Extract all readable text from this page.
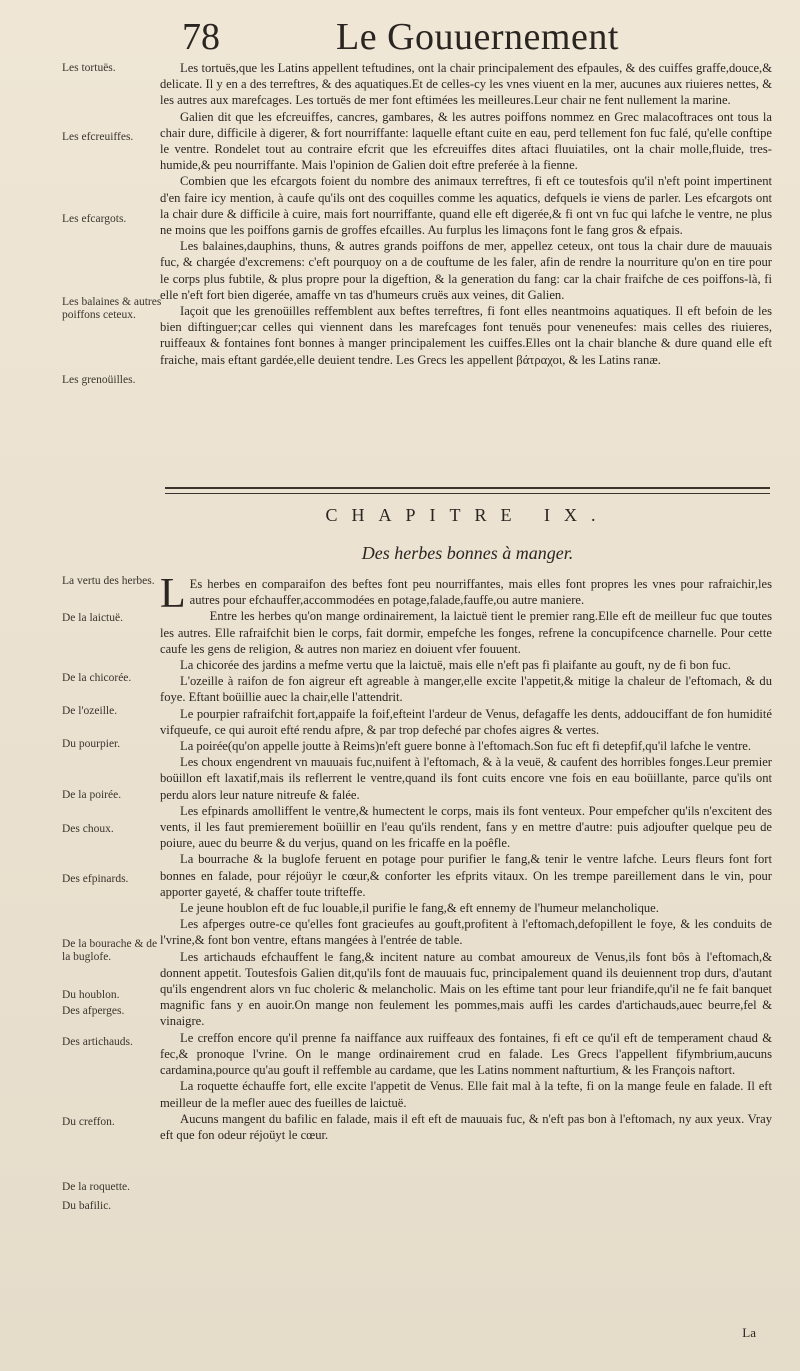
78	Le Gouuernement
Les tortuës.
Les efcreuiffes.
Les efcargots.
Les balaines & autres poiffons ceteux.
Les grenoüilles.
La vertu des herbes.
De la laictuë.
De la chicorée.
De l'ozeille.
Du pourpier.
De la poirée.
Des choux.
Des efpinards.
De la bourache & de la buglofe.
Du houblon.
Des afperges.
Des artichauds.
Du creffon.
De la roquette.
Du bafilic.

Les tortuës,que les Latins appellent teftudines, ont la chair principalement des efpaules, & des cuiffes graffe,douce,& delicate. Il y en a des terreftres, & des aquatiques.Et de celles-cy les vnes viuent en la mer, aucunes aux riuieres nettes, & les autres aux marefcages. Les tortuës de mer font eftimées les meilleures.Leur chair ne fent nullement la marine.

Galien dit que les efcreuiffes, cancres, gambares, & les autres poiffons nommez en Grec malacoftraces ont tous la chair dure, difficile à digerer, & fort nourriffante: laquelle eftant cuite en eau, perd tellement fon fuc falé, qu'elle conftipe le ventre. Rondelet tout au contraire efcrit que les efcreuiffes dites aftaci fluuiatiles, ont la chair molle,fluide, tres-humide,& peu nourriffante. Mais l'opinion de Galien doit eftre preferée à la fienne.

Combien que les efcargots foient du nombre des animaux terreftres, fi eft ce toutesfois qu'il n'eft point impertinent d'en faire icy mention, à caufe qu'ils ont des coquilles comme les aquatics, defquels ie viens de parler. Les efcargots ont la chair dure & difficile à cuire, mais fort nourriffante, quand elle eft digerée,& fi ont vn fuc qui lafche le ventre, ne plus ne moins que les poiffons garnis de groffes efcailles. Au furplus les limaçons font le fang gros & efpais.

Les balaines,dauphins, thuns, & autres grands poiffons de mer, appellez ceteux, ont tous la chair dure de mauuais fuc, & chargée d'excremens: c'eft pourquoy on a de couftume de les faler, afin de rendre la nourriture qu'on en tire pour le corps plus fubtile, & plus propre pour la digeftion, & la generation du fang: car la chair fraifche de ces poiffons-là, fi elle n'eft fort bien digerée, amaffe vn tas d'humeurs cruës aux veines, dit Galien.

Iaçoit que les grenoüilles reffemblent aux beftes terreftres, fi font elles neantmoins aquatiques. Il eft befoin de les bien diftinguer;car celles qui viennent dans les marefcages font tenuës pour veneneufes: mais celles des riuieres, ruiffeaux & fontaines font bonnes à manger principalement les cuiffes.Elles ont la chair blanche & dure quand elle eft fraiche, mais eftant gardée,elle deuient tendre. Les Grecs les appellent βάτραχοι, & les Latins ranæ.

CHAPITRE IX.
Des herbes bonnes à manger.

L Es herbes en comparaifon des beftes font peu nourriffantes, mais elles font propres les vnes pour rafraichir,les autres pour efchauffer,accommodées en potage,falade,fauffe,ou autre maniere.

Entre les herbes qu'on mange ordinairement, la laictuë tient le premier rang.Elle eft de meilleur fuc que toutes les autres. Elle rafraifchit bien le corps, fait dormir, empefche les fonges, refrene la concupifcence charnelle. Pour cette caufe les gens de religion, & autres non mariez en doiuent vfer fouuent.

La chicorée des jardins a mefme vertu que la laictuë, mais elle n'eft pas fi plaifante au gouft, ny de fi bon fuc.

L'ozeille à raifon de fon aigreur eft agreable à manger,elle excite l'appetit,& mitige la chaleur de l'eftomach, & du foye. Eftant boüillie auec la chair,elle l'attendrit.

Le pourpier rafraifchit fort,appaife la foif,efteint l'ardeur de Venus, defagaffe les dents, addouciffant de fon humidité vifqueufe, ce qui auroit efté rendu afpre, & par trop defeché par chofes aigres & vertes.

La poirée(qu'on appelle joutte à Reims)n'eft guere bonne à l'eftomach.Son fuc eft fi detерfif,qu'il lafche le ventre.

Les choux engendrent vn mauuais fuc,nuifent à l'eftomach, & à la veuë, & caufent des horribles fonges.Leur premier boüillon eft laxatif,mais ils reflerrent le ventre,quand ils font cuits encore vne fois en eau boüillante, parce qu'ils ont perdu alors leur nature nitreufe & falée.

Les efpinards amolliffent le ventre,& humectent le corps, mais ils font venteux. Pour empefcher qu'ils n'excitent des vents, il les faut premierement boüillir en l'eau qu'ils rendent, fans y en mettre d'autre: puis adjoufter quelque peu de poiure, auec du beurre & du verjus, quand on les fricaffe en la poêfle.

La bourrache & la buglofe feruent en potage pour purifier le fang,& tenir le ventre lafche. Leurs fleurs font fort bonnes en falade, pour réjoüyr le cœur,& conforter les efprits vitaux. On les trempe pareillement dans le vin, pour apporter gayeté, & chaffer toute trifteffe.

Le jeune houblon eft de fuc louable,il purifie le fang,& eft ennemy de l'humeur melancholique.

Les afperges outre-ce qu'elles font gracieufes au gouft,profitent à l'eftomach,defopillent le foye, & les conduits de l'vrine,& font bon ventre, eftans mangées à l'entrée de table.

Les artichauds efchauffent le fang,& incitent nature au combat amoureux de Venus,ils font bôs à l'eftomach,& donnent appetit. Toutesfois Galien dit,qu'ils font de mauuais fuc, principalement quand ils deuiennent trop durs, d'autant qu'ils engendrent alors vn fuc choleric & melancholic. Mais on les eftime tant pour leur friandife,qu'il ne fe fait banquet magnific fans y en auoir.On mange non feulement les pommes,mais auffi les cardes d'artichauds,auec beurre,fel & vinaigre.

Le creffon encore qu'il prenne fa naiffance aux ruiffeaux des fontaines, fi eft ce qu'il eft de temperament chaud & fec,& pronoque l'vrine. On le mange ordinairement crud en falade. Les Grecs l'appellent fifymbrium,aucuns cardamina,pource qu'au gouft il reffemble au cardame, que les Latins nomment nafturtium, & les François naftort.

La roquette échauffe fort, elle excite l'appetit de Venus. Elle fait mal à la tefte, fi on la mange feule en falade. Il eft meilleur de la mefler auec des fueilles de laictuë.

Aucuns mangent du bafilic en falade, mais il eft eft de mauuais fuc, & n'eft pas bon à l'eftomach, ny aux yeux. Vray eft que fon odeur réjoüyt le cœur.

La
